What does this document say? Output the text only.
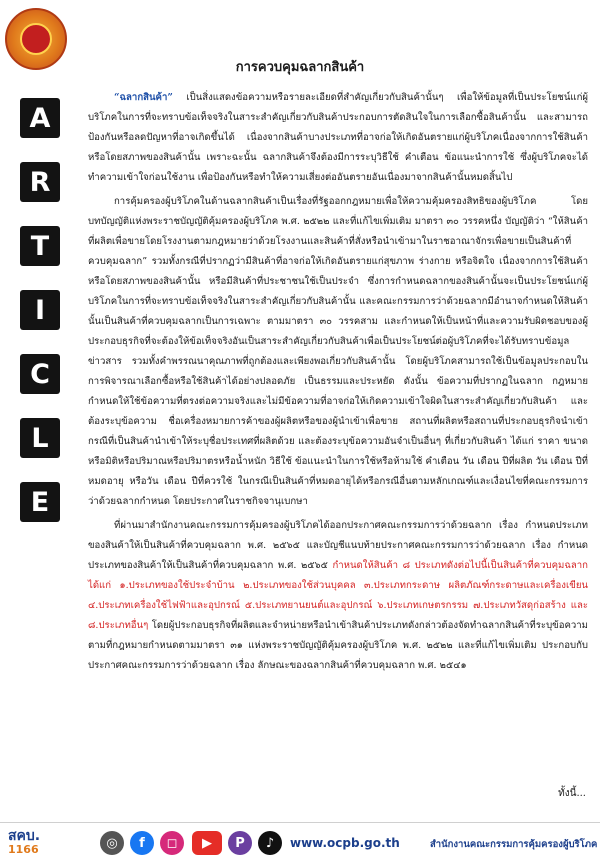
การควบคุมฉลากสินค้า
A
R
T
I
C
L
E

“ฉลากสินค้า” เป็นสิ่งแสดงข้อความหรือรายละเอียดที่สำคัญเกี่ยวกับสินค้านั้นๆ เพื่อให้ข้อมูลที่เป็นประโยชน์แก่ผู้บริโภคในการที่จะทราบข้อเท็จจริงในสาระสำคัญเกี่ยวกับสินค้าประกอบการตัดสินใจในการเลือกซื้อสินค้านั้น และสามารถป้องกันหรือลดปัญหาที่อาจเกิดขึ้นได้ เนื่องจากสินค้าบางประเภทที่อาจก่อให้เกิดอันตรายแก่ผู้บริโภคเนื่องจากการใช้สินค้าหรือโดยสภาพของสินค้านั้น เพราะฉะนั้น ฉลากสินค้าจึงต้องมีการระบุวิธีใช้ คำเตือน ข้อแนะนำการใช้ ซึ่งผู้บริโภคจะได้ทำความเข้าใจก่อนใช้งาน เพื่อป้องกันหรือทำให้ความเสี่ยงต่ออันตรายอันเนื่องมาจากสินค้านั้นหมดสิ้นไป

การคุ้มครองผู้บริโภคในด้านฉลากสินค้าเป็นเรื่องที่รัฐออกกฎหมายเพื่อให้ความคุ้มครองสิทธิของผู้บริโภค โดยบทบัญญัติแห่งพระราชบัญญัติคุ้มครองผู้บริโภค พ.ศ. ๒๕๒๒ และที่แก้ไขเพิ่มเติม มาตรา ๓๐ วรรคหนึ่ง บัญญัติว่า “ให้สินค้าที่ผลิตเพื่อขายโดยโรงงานตามกฎหมายว่าด้วยโรงงานและสินค้าที่สั่งหรือนำเข้ามาในราชอาณาจักรเพื่อขายเป็นสินค้าที่ควบคุมฉลาก” รวมทั้งกรณีที่ปรากฏว่ามีสินค้าที่อาจก่อให้เกิดอันตรายแก่สุขภาพ ร่างกาย หรือจิตใจ เนื่องจากการใช้สินค้าหรือโดยสภาพของสินค้านั้น หรือมีสินค้าที่ประชาชนใช้เป็นประจำ ซึ่งการกำหนดฉลากของสินค้านั้นจะเป็นประโยชน์แก่ผู้บริโภคในการที่จะทราบข้อเท็จจริงในสาระสำคัญเกี่ยวกับสินค้านั้น และคณะกรรมการว่าด้วยฉลากมีอำนาจกำหนดให้สินค้านั้นเป็นสินค้าที่ควบคุมฉลากเป็นการเฉพาะ ตามมาตรา ๓๐ วรรคสาม และกำหนดให้เป็นหน้าที่และความรับผิดชอบของผู้ประกอบธุรกิจที่จะต้องให้ข้อเท็จจริงอันเป็นสาระสำคัญเกี่ยวกับสินค้าเพื่อเป็นประโยชน์ต่อผู้บริโภคที่จะได้รับทราบข้อมูลข่าวสาร รวมทั้งคำพรรณนาคุณภาพที่ถูกต้องและเพียงพอเกี่ยวกับสินค้านั้น โดยผู้บริโภคสามารถใช้เป็นข้อมูลประกอบในการพิจารณาเลือกซื้อหรือใช้สินค้าได้อย่างปลอดภัย เป็นธรรมและประหยัด ดังนั้น ข้อความที่ปรากฏในฉลาก กฎหมายกำหนดให้ใช้ข้อความที่ตรงต่อความจริงและไม่มีข้อความที่อาจก่อให้เกิดความเข้าใจผิดในสาระสำคัญเกี่ยวกับสินค้า และต้องระบุข้อความ ชื่อเครื่องหมายการค้าของผู้ผลิตหรือของผู้นำเข้าเพื่อขาย สถานที่ผลิตหรือสถานที่ประกอบธุรกิจนำเข้า กรณีที่เป็นสินค้านำเข้าให้ระบุชื่อประเทศที่ผลิตด้วย และต้องระบุข้อความอันจำเป็นอื่นๆ ที่เกี่ยวกับสินค้า ได้แก่ ราคา ขนาดหรือมิติหรือปริมาณหรือปริมาตรหรือน้ำหนัก วิธีใช้ ข้อแนะนำในการใช้หรือห้ามใช้ คำเตือน วัน เดือน ปีที่ผลิต วัน เดือน ปีที่หมดอายุ หรือวัน เดือน ปีที่ควรใช้ ในกรณีเป็นสินค้าที่หมดอายุได้หรือกรณีอื่นตามหลักเกณฑ์และเงื่อนไขที่คณะกรรมการว่าด้วยฉลากกำหนด โดยประกาศในราชกิจจานุเบกษา

ที่ผ่านมาสำนักงานคณะกรรมการคุ้มครองผู้บริโภคได้ออกประกาศคณะกรรมการว่าด้วยฉลาก เรื่อง กำหนดประเภทของสินค้าให้เป็นสินค้าที่ควบคุมฉลาก พ.ศ. ๒๕๖๕ และบัญชีแนบท้ายประกาศคณะกรรมการว่าด้วยฉลาก เรื่อง กำหนดประเภทของสินค้าให้เป็นสินค้าที่ควบคุมฉลาก พ.ศ. ๒๕๖๕ กำหนดให้สินค้า ๘ ประเภทดังต่อไปนี้เป็นสินค้าที่ควบคุมฉลาก ได้แก่ ๑.ประเภทของใช้ประจำบ้าน ๒.ประเภทของใช้ส่วนบุคคล ๓.ประเภทกระดาษ ผลิตภัณฑ์กระดาษและเครื่องเขียน ๔.ประเภทเครื่องใช้ไฟฟ้าและอุปกรณ์ ๕.ประเภทยานยนต์และอุปกรณ์ ๖.ประเภทเกษตรกรรม ๗.ประเภทวัสดุก่อสร้าง และ ๘.ประเภทอื่นๆ โดยผู้ประกอบธุรกิจที่ผลิตและจำหน่ายหรือนำเข้าสินค้าประเภทดังกล่าวต้องจัดทำฉลากสินค้าที่ระบุข้อความตามที่กฎหมายกำหนดตามมาตรา ๓๑ แห่งพระราชบัญญัติคุ้มครองผู้บริโภค พ.ศ. ๒๕๒๒ และที่แก้ไขเพิ่มเติม ประกอบกับประกาศคณะกรรมการว่าด้วยฉลาก เรื่อง ลักษณะของฉลากสินค้าที่ควบคุมฉลาก พ.ศ. ๒๕๔๑

ทั้งนี้...
สคบ.
1166	◎	f	◻	▶	P	♪	www.ocpb.go.th	สำนักงานคณะกรรมการคุ้มครองผู้บริโภค
